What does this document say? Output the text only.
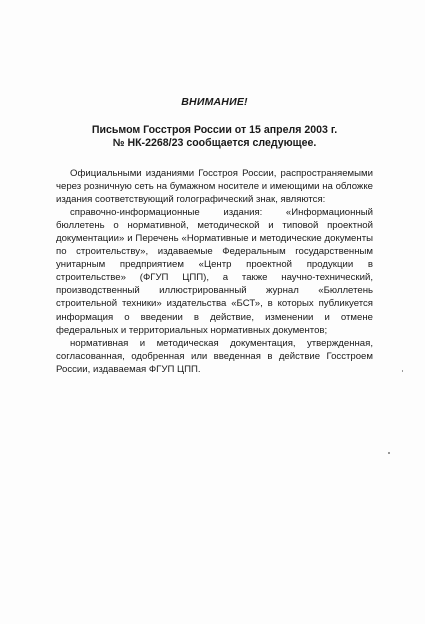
ВНИМАНИЕ!
Письмом Госстроя России от 15 апреля 2003 г.
№ НК-2268/23 сообщается следующее.

Официальными изданиями Госстроя России, распространяемыми через розничную сеть на бумажном носителе и имеющими на обложке издания соответствующий голографический знак, являются:

справочно-информационные издания: «Информационный бюллетень о нормативной, методической и типовой проектной документации» и Перечень «Нормативные и методические документы по строительству», издаваемые Федеральным государственным унитарным предприятием «Центр проектной продукции в строительстве» (ФГУП ЦПП), а также научно-технический, производственный иллюстрированный журнал «Бюллетень строительной техники» издательства «БСТ», в которых публикуется информация о введении в действие, изменении и отмене федеральных и территориальных нормативных документов;

нормативная и методическая документация, утвержденная, согласованная, одобренная или введенная в действие Госстроем России, издаваемая ФГУП ЦПП.
